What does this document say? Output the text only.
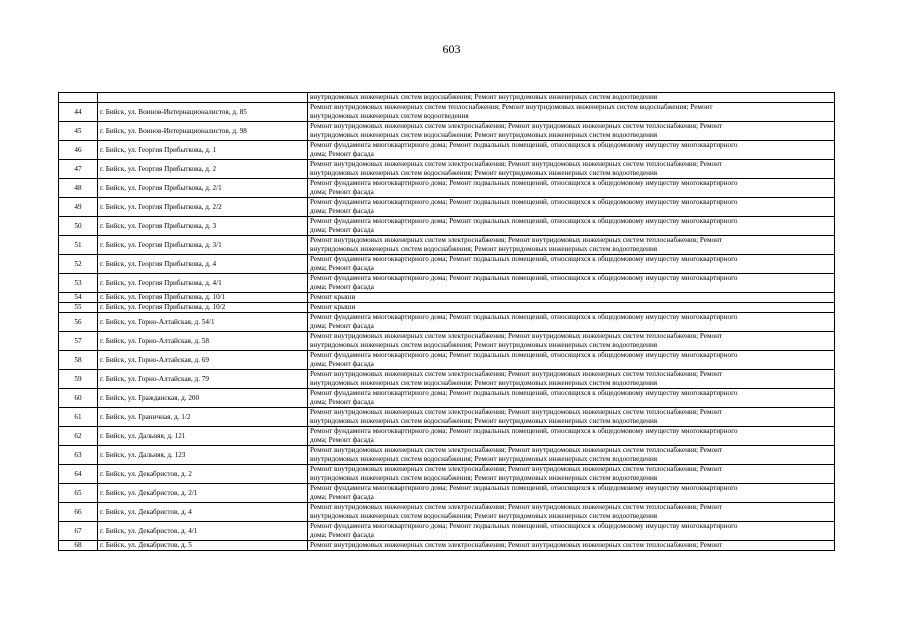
603

		внутридомовых инженерных систем водоснабжения; Ремонт внутридомовых инженерных систем водоотведения

44	г. Бийск, ул. Воинов-Интернационалистов, д. 85	Ремонт внутридомовых инженерных систем теплоснабжения; Ремонт внутридомовых инженерных систем водоснабжения; Ремонт
внутридомовых инженерных систем водоотведения

45	г. Бийск, ул. Воинов-Интернационалистов, д. 98	Ремонт внутридомовых инженерных систем электроснабжения; Ремонт внутридомовых инженерных систем теплоснабжения; Ремонт
внутридомовых инженерных систем водоснабжения; Ремонт внутридомовых инженерных систем водоотведения

46	г. Бийск, ул. Георгия Прибыткова, д. 1	Ремонт фундамента многоквартирного дома; Ремонт подвальных помещений, относящихся к общедомовому имуществу многоквартирного
дома; Ремонт фасада

47	г. Бийск, ул. Георгия Прибыткова, д. 2	Ремонт внутридомовых инженерных систем электроснабжения; Ремонт внутридомовых инженерных систем теплоснабжения; Ремонт
внутридомовых инженерных систем водоснабжения; Ремонт внутридомовых инженерных систем водоотведения

48	г. Бийск, ул. Георгия Прибыткова, д. 2/1	Ремонт фундамента многоквартирного дома; Ремонт подвальных помещений, относящихся к общедомовому имуществу многоквартирного
дома; Ремонт фасада

49	г. Бийск, ул. Георгия Прибыткова, д. 2/2	Ремонт фундамента многоквартирного дома; Ремонт подвальных помещений, относящихся к общедомовому имуществу многоквартирного
дома; Ремонт фасада

50	г. Бийск, ул. Георгия Прибыткова, д. 3	Ремонт фундамента многоквартирного дома; Ремонт подвальных помещений, относящихся к общедомовому имуществу многоквартирного
дома; Ремонт фасада

51	г. Бийск, ул. Георгия Прибыткова, д. 3/1	Ремонт внутридомовых инженерных систем электроснабжения; Ремонт внутридомовых инженерных систем теплоснабжения; Ремонт
внутридомовых инженерных систем водоснабжения; Ремонт внутридомовых инженерных систем водоотведения

52	г. Бийск, ул. Георгия Прибыткова, д. 4	Ремонт фундамента многоквартирного дома; Ремонт подвальных помещений, относящихся к общедомовому имуществу многоквартирного
дома; Ремонт фасада

53	г. Бийск, ул. Георгия Прибыткова, д. 4/1	Ремонт фундамента многоквартирного дома; Ремонт подвальных помещений, относящихся к общедомовому имуществу многоквартирного
дома; Ремонт фасада

54	г. Бийск, ул. Георгия Прибыткова, д. 10/1	Ремонт крыши

55	г. Бийск, ул. Георгия Прибыткова, д. 10/2	Ремонт крыши

56	г. Бийск, ул. Горно-Алтайская, д. 54/1	Ремонт фундамента многоквартирного дома; Ремонт подвальных помещений, относящихся к общедомовому имуществу многоквартирного
дома; Ремонт фасада

57	г. Бийск, ул. Горно-Алтайская, д. 58	Ремонт внутридомовых инженерных систем электроснабжения; Ремонт внутридомовых инженерных систем теплоснабжения; Ремонт
внутридомовых инженерных систем водоснабжения; Ремонт внутридомовых инженерных систем водоотведения

58	г. Бийск, ул. Горно-Алтайская, д. 69	Ремонт фундамента многоквартирного дома; Ремонт подвальных помещений, относящихся к общедомовому имуществу многоквартирного
дома; Ремонт фасада

59	г. Бийск, ул. Горно-Алтайская, д. 79	Ремонт внутридомовых инженерных систем электроснабжения; Ремонт внутридомовых инженерных систем теплоснабжения; Ремонт
внутридомовых инженерных систем водоснабжения; Ремонт внутридомовых инженерных систем водоотведения

60	г. Бийск, ул. Гражданская, д. 200	Ремонт фундамента многоквартирного дома; Ремонт подвальных помещений, относящихся к общедомовому имуществу многоквартирного
дома; Ремонт фасада

61	г. Бийск, ул. Граничная, д. 1/2	Ремонт внутридомовых инженерных систем электроснабжения; Ремонт внутридомовых инженерных систем теплоснабжения; Ремонт
внутридомовых инженерных систем водоснабжения; Ремонт внутридомовых инженерных систем водоотведения

62	г. Бийск, ул. Дальняя, д. 121	Ремонт фундамента многоквартирного дома; Ремонт подвальных помещений, относящихся к общедомовому имуществу многоквартирного
дома; Ремонт фасада

63	г. Бийск, ул. Дальняя, д. 123	Ремонт внутридомовых инженерных систем электроснабжения; Ремонт внутридомовых инженерных систем теплоснабжения; Ремонт
внутридомовых инженерных систем водоснабжения; Ремонт внутридомовых инженерных систем водоотведения

64	г. Бийск, ул. Декабристов, д. 2	Ремонт внутридомовых инженерных систем электроснабжения; Ремонт внутридомовых инженерных систем теплоснабжения; Ремонт
внутридомовых инженерных систем водоснабжения; Ремонт внутридомовых инженерных систем водоотведения

65	г. Бийск, ул. Декабристов, д. 2/1	Ремонт фундамента многоквартирного дома; Ремонт подвальных помещений, относящихся к общедомовому имуществу многоквартирного
дома; Ремонт фасада

66	г. Бийск, ул. Декабристов, д. 4	Ремонт внутридомовых инженерных систем электроснабжения; Ремонт внутридомовых инженерных систем теплоснабжения; Ремонт
внутридомовых инженерных систем водоснабжения; Ремонт внутридомовых инженерных систем водоотведения

67	г. Бийск, ул. Декабристов, д. 4/1	Ремонт фундамента многоквартирного дома; Ремонт подвальных помещений, относящихся к общедомовому имуществу многоквартирного
дома; Ремонт фасада

68	г. Бийск, ул. Декабристов, д. 5	Ремонт внутридомовых инженерных систем электроснабжения; Ремонт внутридомовых инженерных систем теплоснабжения; Ремонт
